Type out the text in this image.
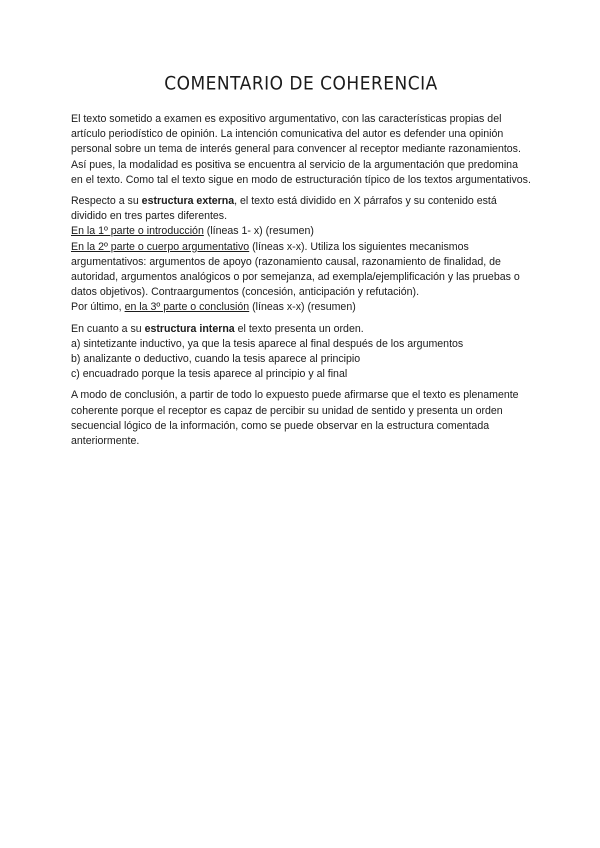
COMENTARIO DE COHERENCIA

El texto sometido a examen es expositivo argumentativo, con las características propias del artículo periodístico de opinión. La intención comunicativa del autor es defender una opinión personal sobre un tema de interés general para convencer al receptor mediante razonamientos. Así pues, la modalidad es positiva se encuentra al servicio de la argumentación que predomina en el texto. Como tal el texto sigue en modo de estructuración típico de los textos argumentativos.

Respecto a su estructura externa, el texto está dividido en X párrafos y su contenido está dividido en tres partes diferentes.
En la 1º parte o introducción (líneas 1- x) (resumen)
En la 2º parte o cuerpo argumentativo (líneas x-x). Utiliza los siguientes mecanismos argumentativos: argumentos de apoyo (razonamiento causal, razonamiento de finalidad, de autoridad, argumentos analógicos o por semejanza, ad exempla/ejemplificación y las pruebas o datos objetivos). Contraargumentos (concesión, anticipación y refutación).
Por último, en la 3º parte o conclusión (líneas x-x) (resumen)

En cuanto a su estructura interna el texto presenta un orden.
a) sintetizante inductivo, ya que la tesis aparece al final después de los argumentos
b) analizante o deductivo, cuando la tesis aparece al principio
c) encuadrado porque la tesis aparece al principio y al final

A modo de conclusión, a partir de todo lo expuesto puede afirmarse que el texto es plenamente coherente porque el receptor es capaz de percibir su unidad de sentido y presenta un orden secuencial lógico de la información, como se puede observar en la estructura comentada anteriormente.
